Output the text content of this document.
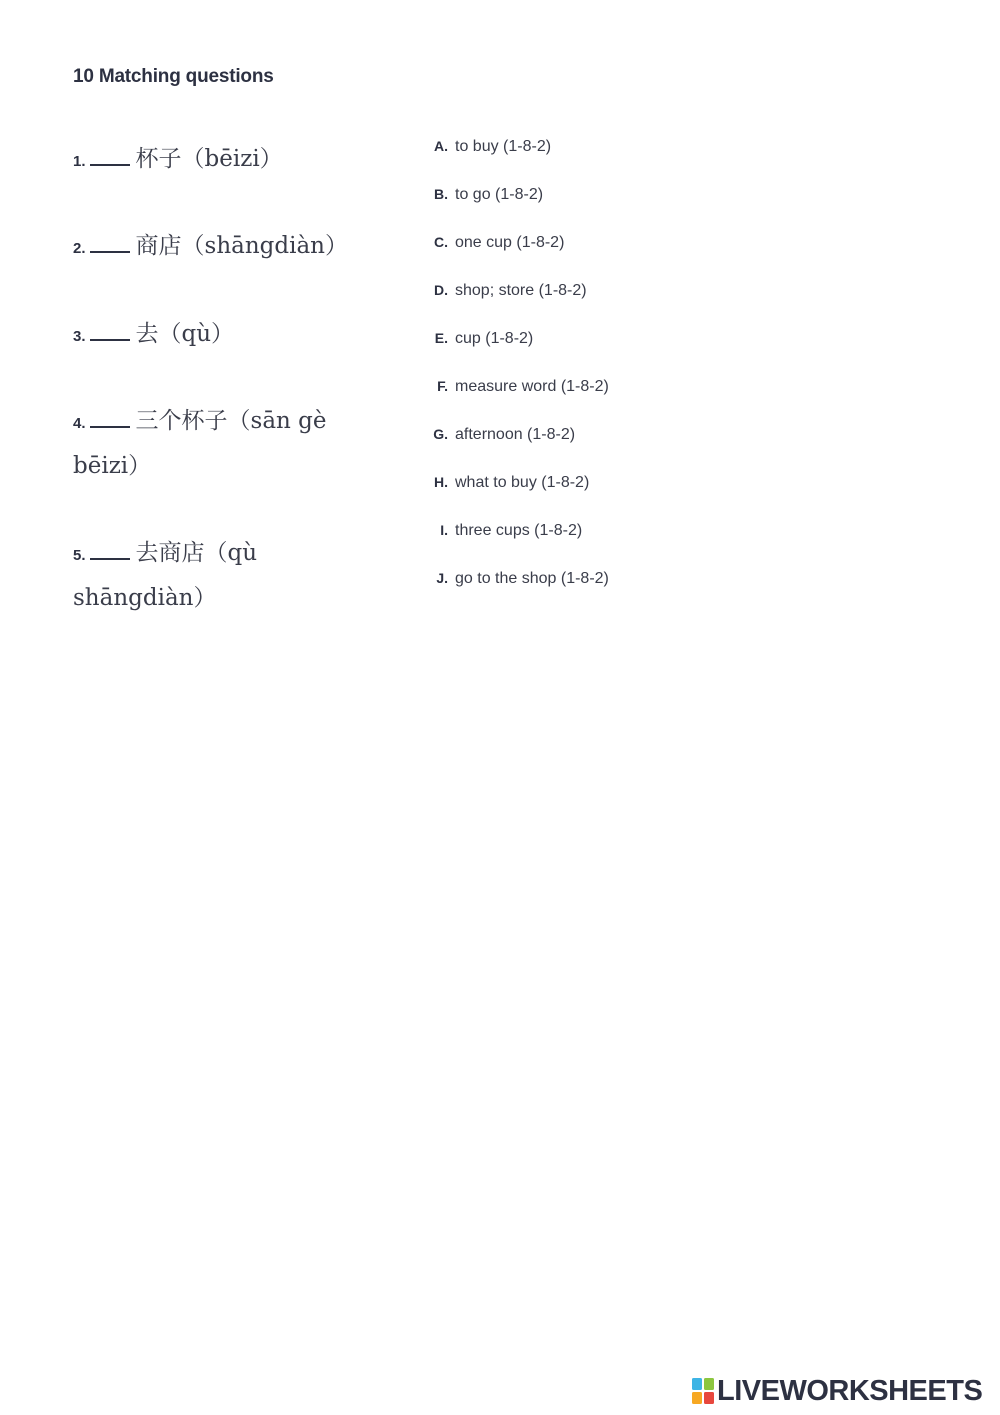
10 Matching questions
1. 杯子（bēizi）
2. 商店（shāngdiàn）
3. 去（qù）
4. 三个杯子（sān gè bēizi）
5. 去商店（qù shāngdiàn）
A. to buy (1-8-2)
B. to go (1-8-2)
C. one cup (1-8-2)
D. shop; store (1-8-2)
E. cup (1-8-2)
F. measure word (1-8-2)
G. afternoon (1-8-2)
H. what to buy (1-8-2)
I. three cups (1-8-2)
J. go to the shop (1-8-2)
LIVEWORKSHEETS
